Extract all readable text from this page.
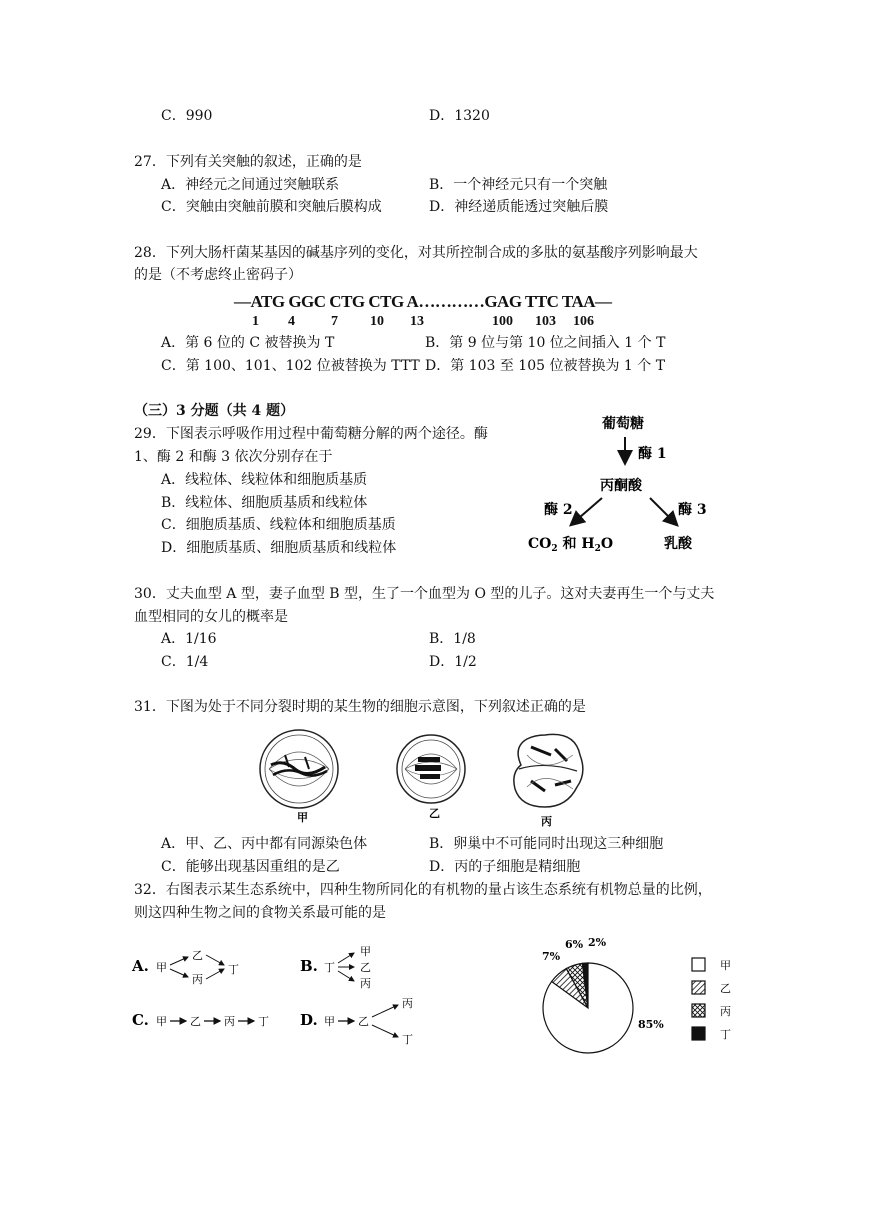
C．990	D．1320
27．下列有关突触的叙述，正确的是
A．神经元之间通过突触联系	B．一个神经元只有一个突触
C．突触由突触前膜和突触后膜构成	D．神经递质能透过突触后膜
28．下列大肠杆菌某基因的碱基序列的变化，对其所控制合成的多肽的氨基酸序列影响最大
的是（不考虑终止密码子）
—ATG GGC CTG CTG A…………GAG TTC TAA—
1 4	7 10 13	100 103 106
A．第 6 位的 C 被替换为 T	B．第 9 位与第 10 位之间插入 1 个 T
C．第 100、101、102 位被替换为 TTT D．第 103 至 105 位被替换为 1 个 T
（三）3 分题（共 4 题）
29．下图表示呼吸作用过程中葡萄糖分解的两个途径。酶
1、酶 2 和酶 3 依次分别存在于
A．线粒体、线粒体和细胞质基质
B．线粒体、细胞质基质和线粒体
C．细胞质基质、线粒体和细胞质基质
D．细胞质基质、细胞质基质和线粒体
葡萄糖
酶 1
丙酮酸
酶 2	酶 3
$CO_2$ 和 $H_2O$	乳酸
30．丈夫血型 A 型，妻子血型 B 型，生了一个血型为 O 型的儿子。这对夫妻再生一个与丈夫
血型相同的女儿的概率是
A．1/16	B．1/8
C．1/4	D．1/2
31．下图为处于不同分裂时期的某生物的细胞示意图，下列叙述正确的是
甲	乙
丙
A．甲、乙、丙中都有同源染色体	B．卵巢中不可能同时出现这三种细胞
C．能够出现基因重组的是乙	D．丙的子细胞是精细胞
32．右图表示某生态系统中，四种生物所同化的有机物的量占该生态系统有机物总量的比例，
则这四种生物之间的食物关系最可能的是
A. 甲
乙
丙
丁	B. 丁
甲
乙
丙
C. 甲 乙 丙 丁 D. 甲 乙
丙
丁
85%
7%
6% 2%
甲
乙
丙
丁
